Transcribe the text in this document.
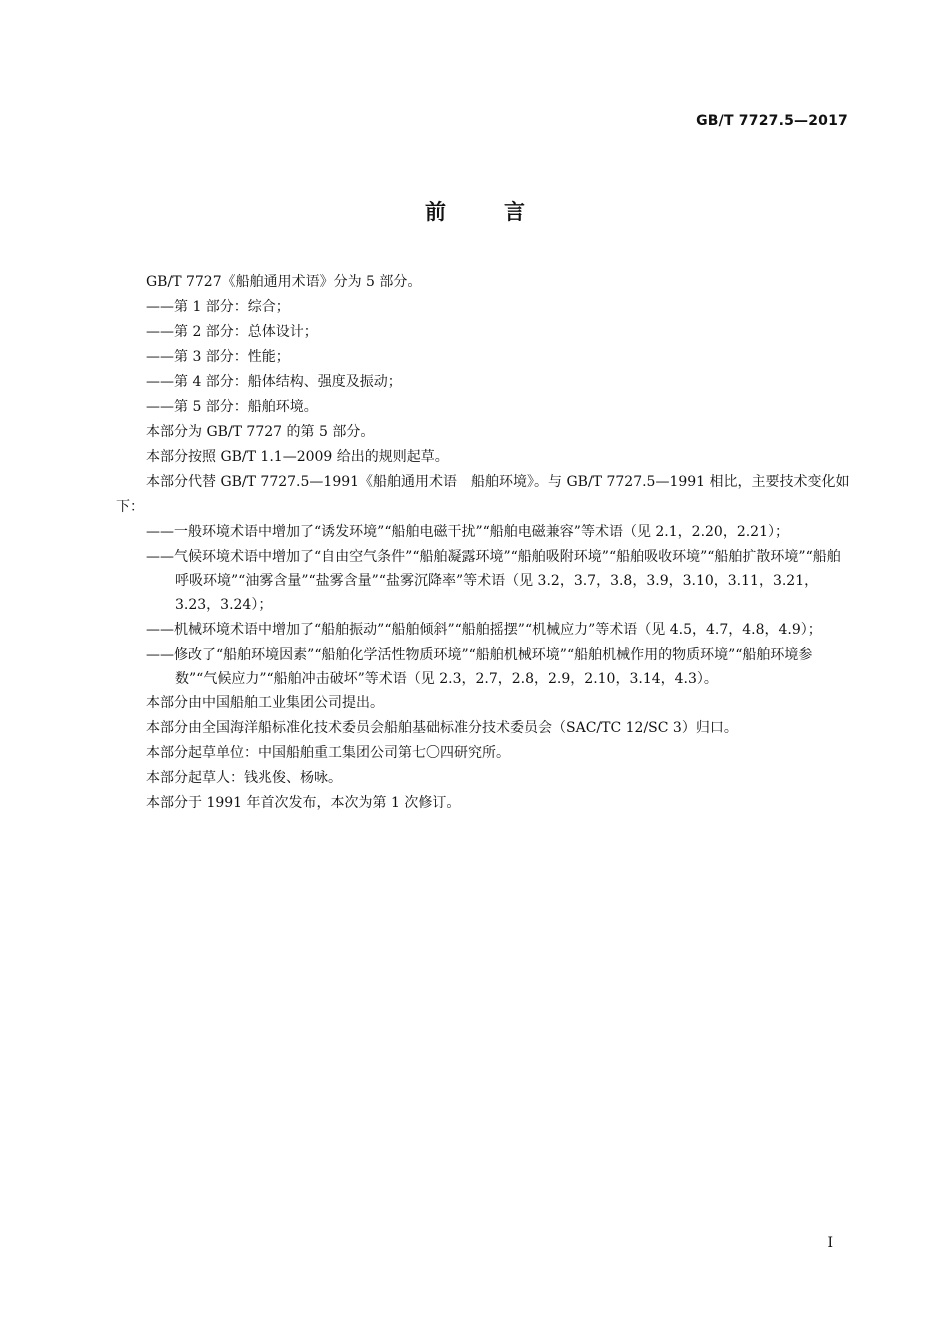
GB/T 7727.5—2017
前言

GB/T 7727《船舶通用术语》分为 5 部分。

——第 1 部分：综合；

——第 2 部分：总体设计；

——第 3 部分：性能；

——第 4 部分：船体结构、强度及振动；

——第 5 部分：船舶环境。

本部分为 GB/T 7727 的第 5 部分。

本部分按照 GB/T 1.1—2009 给出的规则起草。

本部分代替 GB/T 7727.5—1991《船舶通用术语　船舶环境》。与 GB/T 7727.5—1991 相比，主要技术变化如下：

——一般环境术语中增加了“诱发环境”“船舶电磁干扰”“船舶电磁兼容”等术语（见 2.1，2.20，2.21）；

——气候环境术语中增加了“自由空气条件”“船舶凝露环境”“船舶吸附环境”“船舶吸收环境”“船舶扩散环境”“船舶呼吸环境”“油雾含量”“盐雾含量”“盐雾沉降率”等术语（见 3.2，3.7，3.8，3.9，3.10，3.11，3.21，3.23，3.24）；

——机械环境术语中增加了“船舶振动”“船舶倾斜”“船舶摇摆”“机械应力”等术语（见 4.5，4.7，4.8，4.9）；

——修改了“船舶环境因素”“船舶化学活性物质环境”“船舶机械环境”“船舶机械作用的物质环境”“船舶环境参数”“气候应力”“船舶冲击破坏”等术语（见 2.3，2.7，2.8，2.9，2.10，3.14，4.3）。

本部分由中国船舶工业集团公司提出。

本部分由全国海洋船标准化技术委员会船舶基础标准分技术委员会（SAC/TC 12/SC 3）归口。

本部分起草单位：中国船舶重工集团公司第七〇四研究所。

本部分起草人：钱兆俊、杨咏。

本部分于 1991 年首次发布，本次为第 1 次修订。

I
